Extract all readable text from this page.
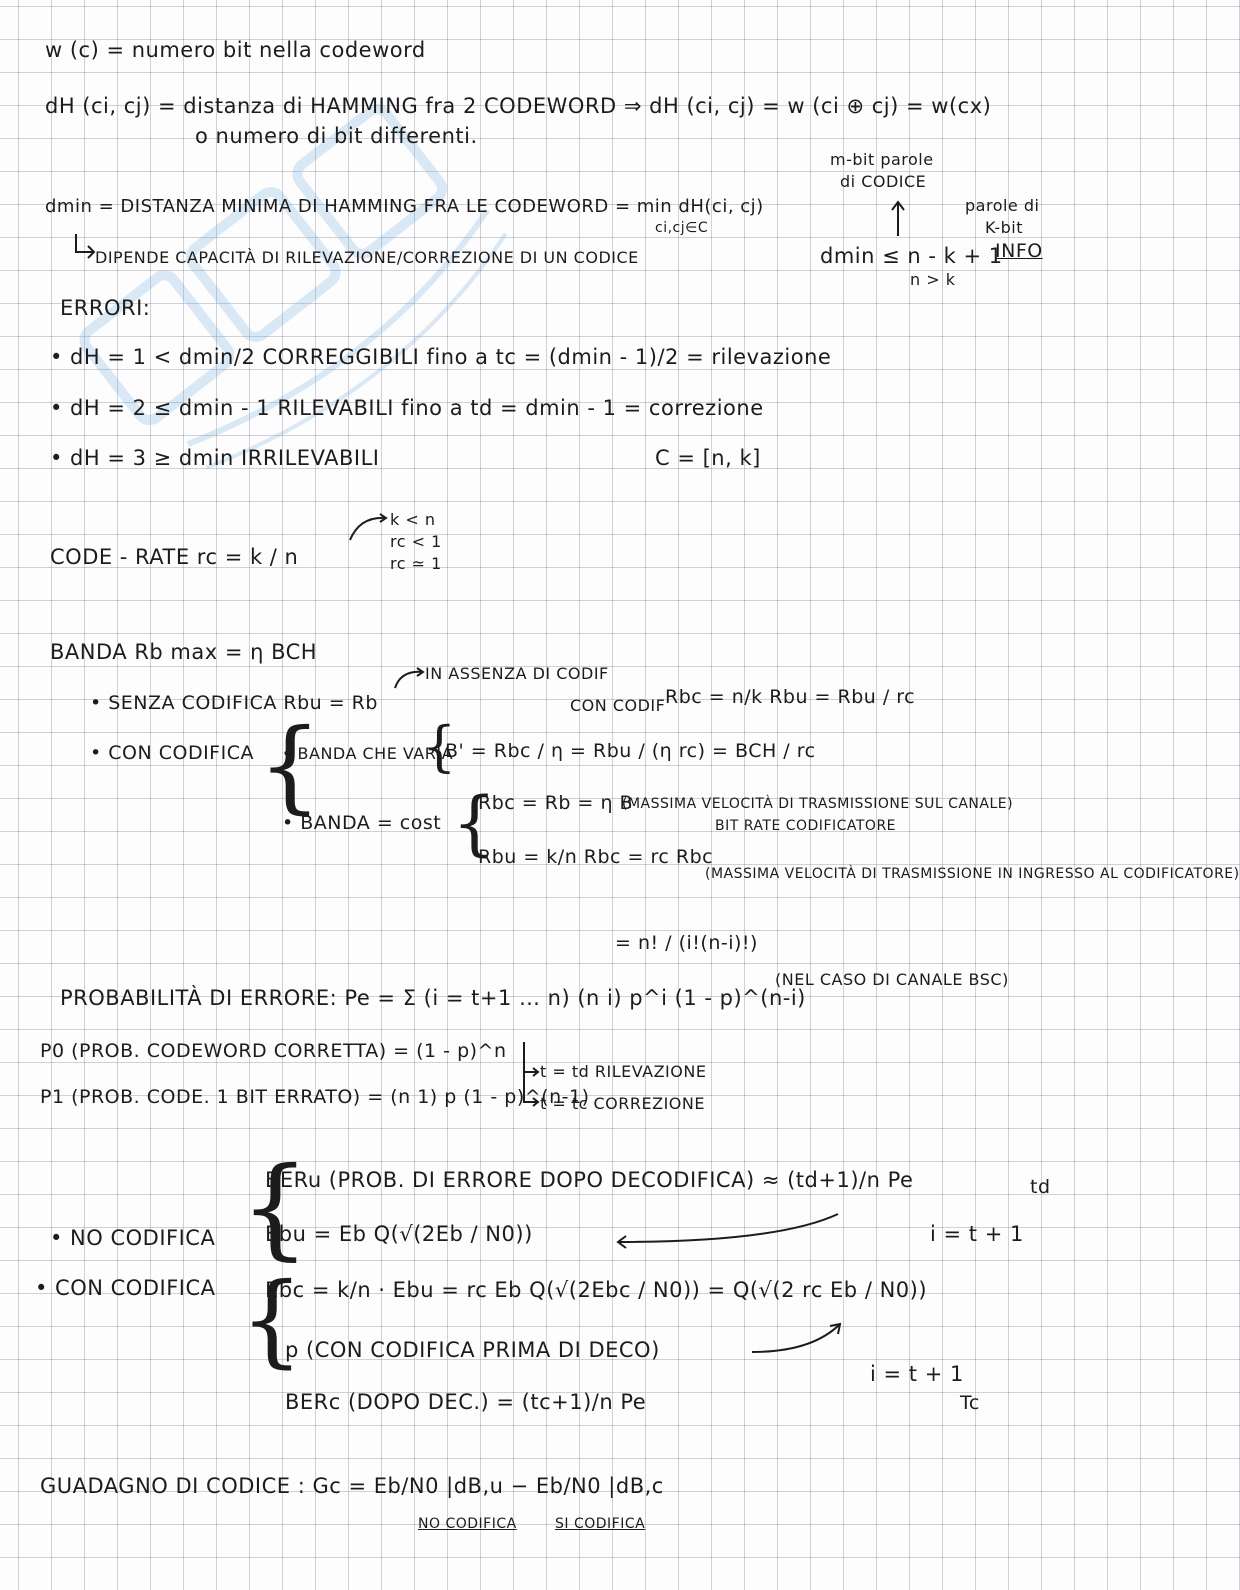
w (c) = numero bit nella codeword
dH (ci, cj) = distanza di HAMMING fra 2 CODEWORD ⇒ dH (ci, cj) = w (ci ⊕ cj) = w(cx)
o numero di bit differenti.
m-bit parole
di CODICE
parole di
K-bit
dmin = DISTANZA MINIMA DI HAMMING FRA LE CODEWORD = min dH(ci, cj)
ci,cj∈C
DIPENDE CAPACITÀ DI RILEVAZIONE/CORREZIONE DI UN CODICE	dmin ≤ n - k + 1
INFO
n > k
ERRORI:
• dH = 1 < dmin/2 CORREGGIBILI fino a tc = (dmin - 1)/2 = rilevazione
• dH = 2 ≤ dmin - 1 RILEVABILI fino a td = dmin - 1 = correzione
• dH = 3 ≥ dmin IRRILEVABILI	C = [n, k]
CODE - RATE rc = k / n
k < n
rc < 1
rc ≃ 1
BANDA Rb max = η BCH
IN ASSENZA DI CODIF
• SENZA CODIFICA Rbu = Rb	CON CODIF Rbc = n/k Rbu = Rbu / rc
• CON CODIFICA {
• BANDA CHE VARIA
{
B' = Rbc / η = Rbu / (η rc) = BCH / rc
• BANDA = cost {
Rbc = Rb = η B
(MASSIMA VELOCITÀ DI TRASMISSIONE SUL CANALE)
BIT RATE CODIFICATORE
Rbu = k/n Rbc = rc Rbc
(MASSIMA VELOCITÀ DI TRASMISSIONE IN INGRESSO AL CODIFICATORE)
= n! / (i!(n-i)!)
PROBABILITÀ DI ERRORE: Pe = Σ (i = t+1 … n) (n i) p^i (1 - p)^(n-i)
(NEL CASO DI CANALE BSC)
P0 (PROB. CODEWORD CORRETTA) = (1 - p)^n
P1 (PROB. CODE. 1 BIT ERRATO) = (n 1) p (1 - p)^(n-1)
t = td RILEVAZIONE
t = tc CORREZIONE
{
BERu (PROB. DI ERRORE DOPO DECODIFICA) ≈ (td+1)/n Pe	td
i = t + 1
• NO CODIFICA Ebu = Eb Q(√(2Eb / N0))
• CON CODIFICA {
Ebc = k/n · Ebu = rc Eb Q(√(2Ebc / N0)) = Q(√(2 rc Eb / N0))
p (CON CODIFICA PRIMA DI DECO)
i = t + 1
Tc
BERc (DOPO DEC.) = (tc+1)/n Pe
GUADAGNO DI CODICE : Gc = Eb/N0 |dB,u − Eb/N0 |dB,c
NO CODIFICA	SI CODIFICA
